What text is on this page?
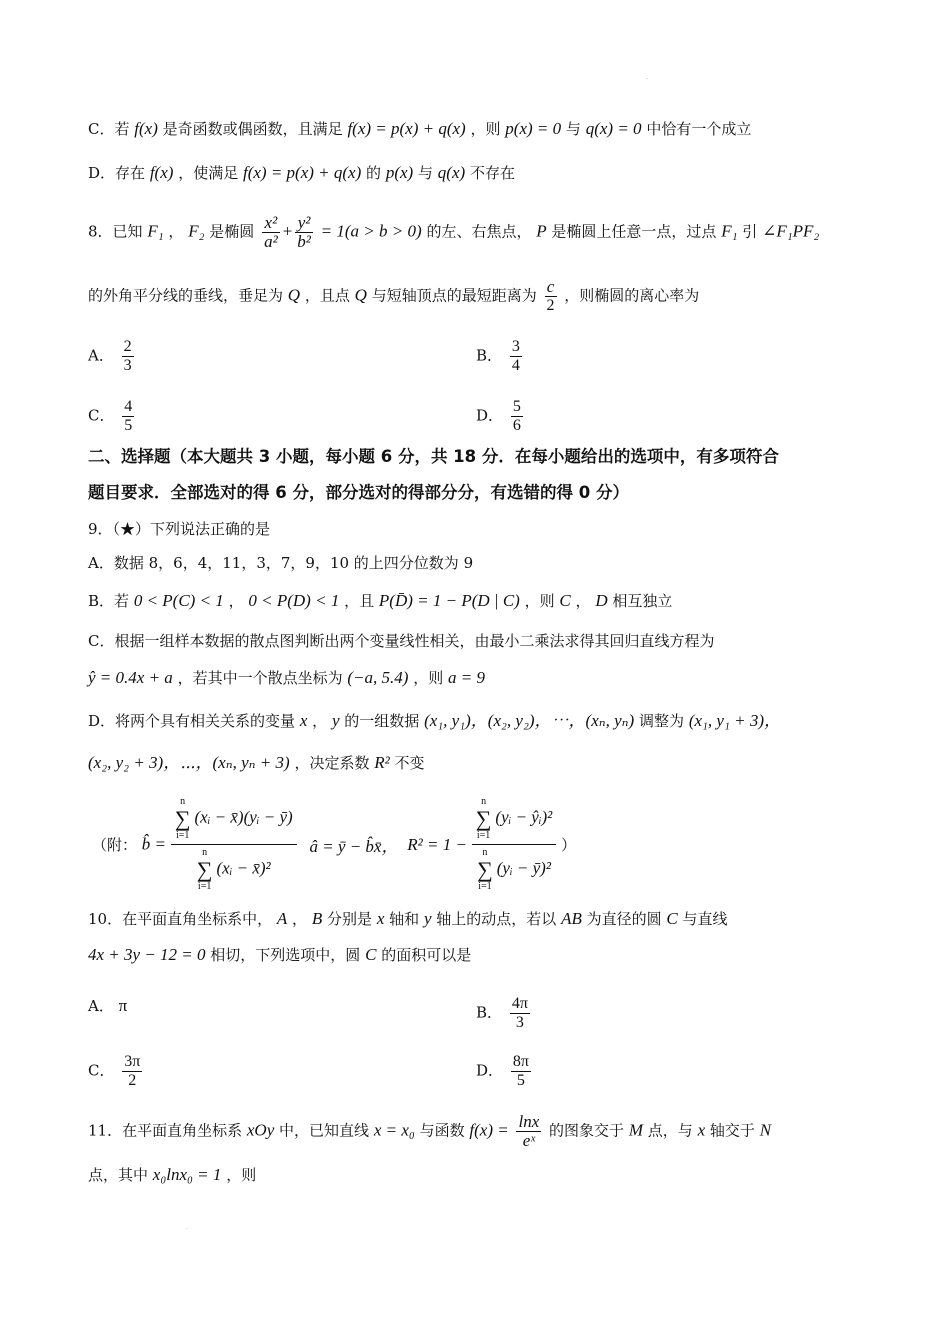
·
C．若 f(x) 是奇函数或偶函数，且满足 f(x) = p(x) + q(x) ，则 p(x) = 0 与 q(x) = 0 中恰有一个成立
D．存在 f(x) ，使满足 f(x) = p(x) + q(x) 的 p(x) 与 q(x) 不存在
8．已知 F₁ ， F₂ 是椭圆 $\frac{\text{x²}}{\text{a²}} + \frac{\text{y²}}{\text{b²}} = 1(a > b > 0)$ 的左、右焦点， P 是椭圆上任意一点，过点 F₁ 引 ∠F₁PF₂
的外角平分线的垂线，垂足为 Q ，且点 Q 与短轴顶点的最短距离为 $\frac{c}{2}$ ，则椭圆的离心率为
A． $\frac{2}{3}$	B． $\frac{3}{4}$
C． $\frac{4}{5}$	D． $\frac{5}{6}$
二、选择题（本大题共 3 小题，每小题 6 分，共 18 分．在每小题给出的选项中，有多项符合
题目要求．全部选对的得 6 分，部分选对的得部分分，有选错的得 0 分）
9．（★）下列说法正确的是
A．数据 8，6，4，11，3，7，9，10 的上四分位数为 9
B．若 0 < P(C) < 1 ， 0 < P(D) < 1 ，且 P(D̄) = 1 − P(D | C) ，则 C ， D 相互独立
C．根据一组样本数据的散点图判断出两个变量线性相关，由最小二乘法求得其回归直线方程为
ŷ = 0.4x + a ，若其中一个散点坐标为 (−a, 5.4) ，则 a = 9
D．将两个具有相关关系的变量 x ， y 的一组数据 (x₁, y₁)，(x₂, y₂)，⋯，(xₙ, yₙ) 调整为 (x₁, y₁ + 3)，
(x₂, y₂ + 3)，⋯，(xₙ, yₙ + 3) ，决定系数 R² 不变
（附： b̂ = n
∑
i=1 (xᵢ − x̄)(yᵢ − ȳ)
n
∑
i=1 (xᵢ − x̄)² â = ȳ − b̂x̄， R² = 1 − n
∑
i=1 (yᵢ − ŷᵢ)²
n
∑
i=1 (yᵢ − ȳ)² ）
10．在平面直角坐标系中， A ， B 分别是 x 轴和 y 轴上的动点，若以 AB 为直径的圆 C 与直线
4x + 3y − 12 = 0 相切，下列选项中，圆 C 的面积可以是
A． π	B． $\frac{4\pi}{3}$
C． $\frac{3\pi}{2}$	D． $\frac{8\pi}{5}$
11．在平面直角坐标系 xOy 中，已知直线 x = x₀ 与函数 $f(x) = \frac{\ln x}{\text{eˣ}}$ 的图象交于 M 点，与 x 轴交于 N
点，其中 x₀lnx₀ = 1 ，则
·
